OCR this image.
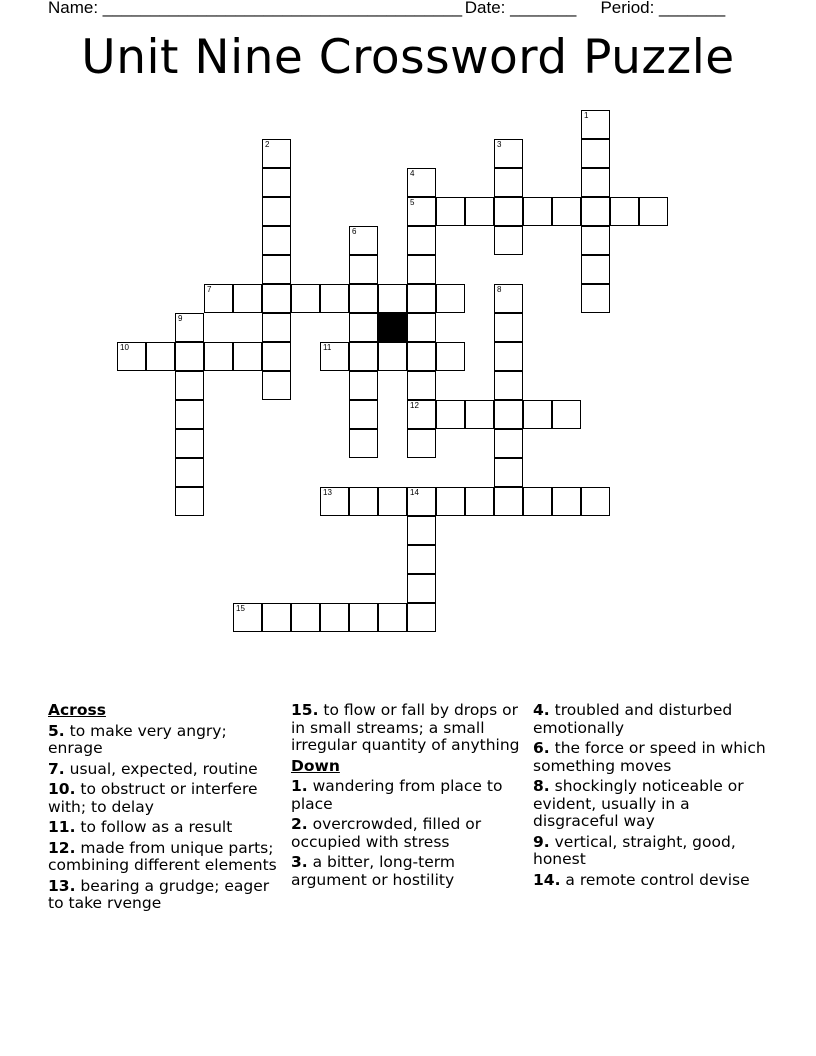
Name: ______________________________________ Date: _______ Period: _______
Unit Nine Crossword Puzzle
1
2	3
4
5
12
6
7	8
9
10	11
13	14
15
Across
5. to make very angry; enrage
7. usual, expected, routine
10. to obstruct or interfere with; to delay
11. to follow as a result
12. made from unique parts; combining different elements
13. bearing a grudge; eager to take rvenge
15. to flow or fall by drops or in small streams; a small irregular quantity of anything
Down
1. wandering from place to place
2. overcrowded, filled or occupied with stress
3. a bitter, long-term argument or hostility
4. troubled and disturbed emotionally
6. the force or speed in which something moves
8. shockingly noticeable or evident, usually in a disgraceful way
9. vertical, straight, good, honest
14. a remote control devise
